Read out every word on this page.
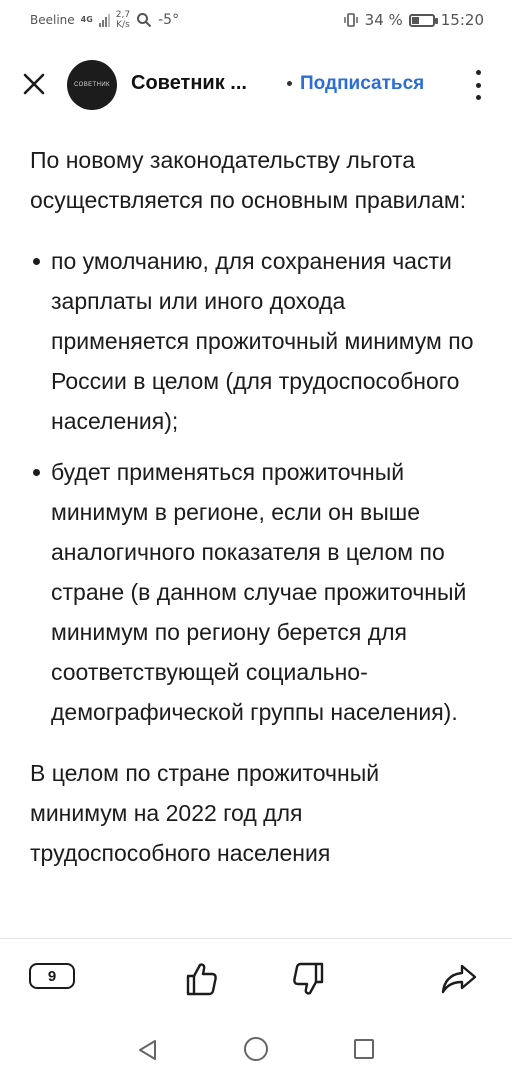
Beeline 4G	2,7
K/s -5°	34 %	15:20
СОВЕТНИК Советник ...	Подписаться

По новому законодательству льгота осуществляется по основным правилам:

по умолчанию, для сохранения части зарплаты или иного дохода применяется прожиточный минимум по России в целом (для трудоспособного населения);
будет применяться прожиточный минимум в регионе, если он выше аналогичного показателя в целом по стране (в данном случае прожиточный минимум по региону берется для соответствующей социально-демографической группы населения).

В целом по стране прожиточный минимум на 2022 год для трудоспособного населения

9
